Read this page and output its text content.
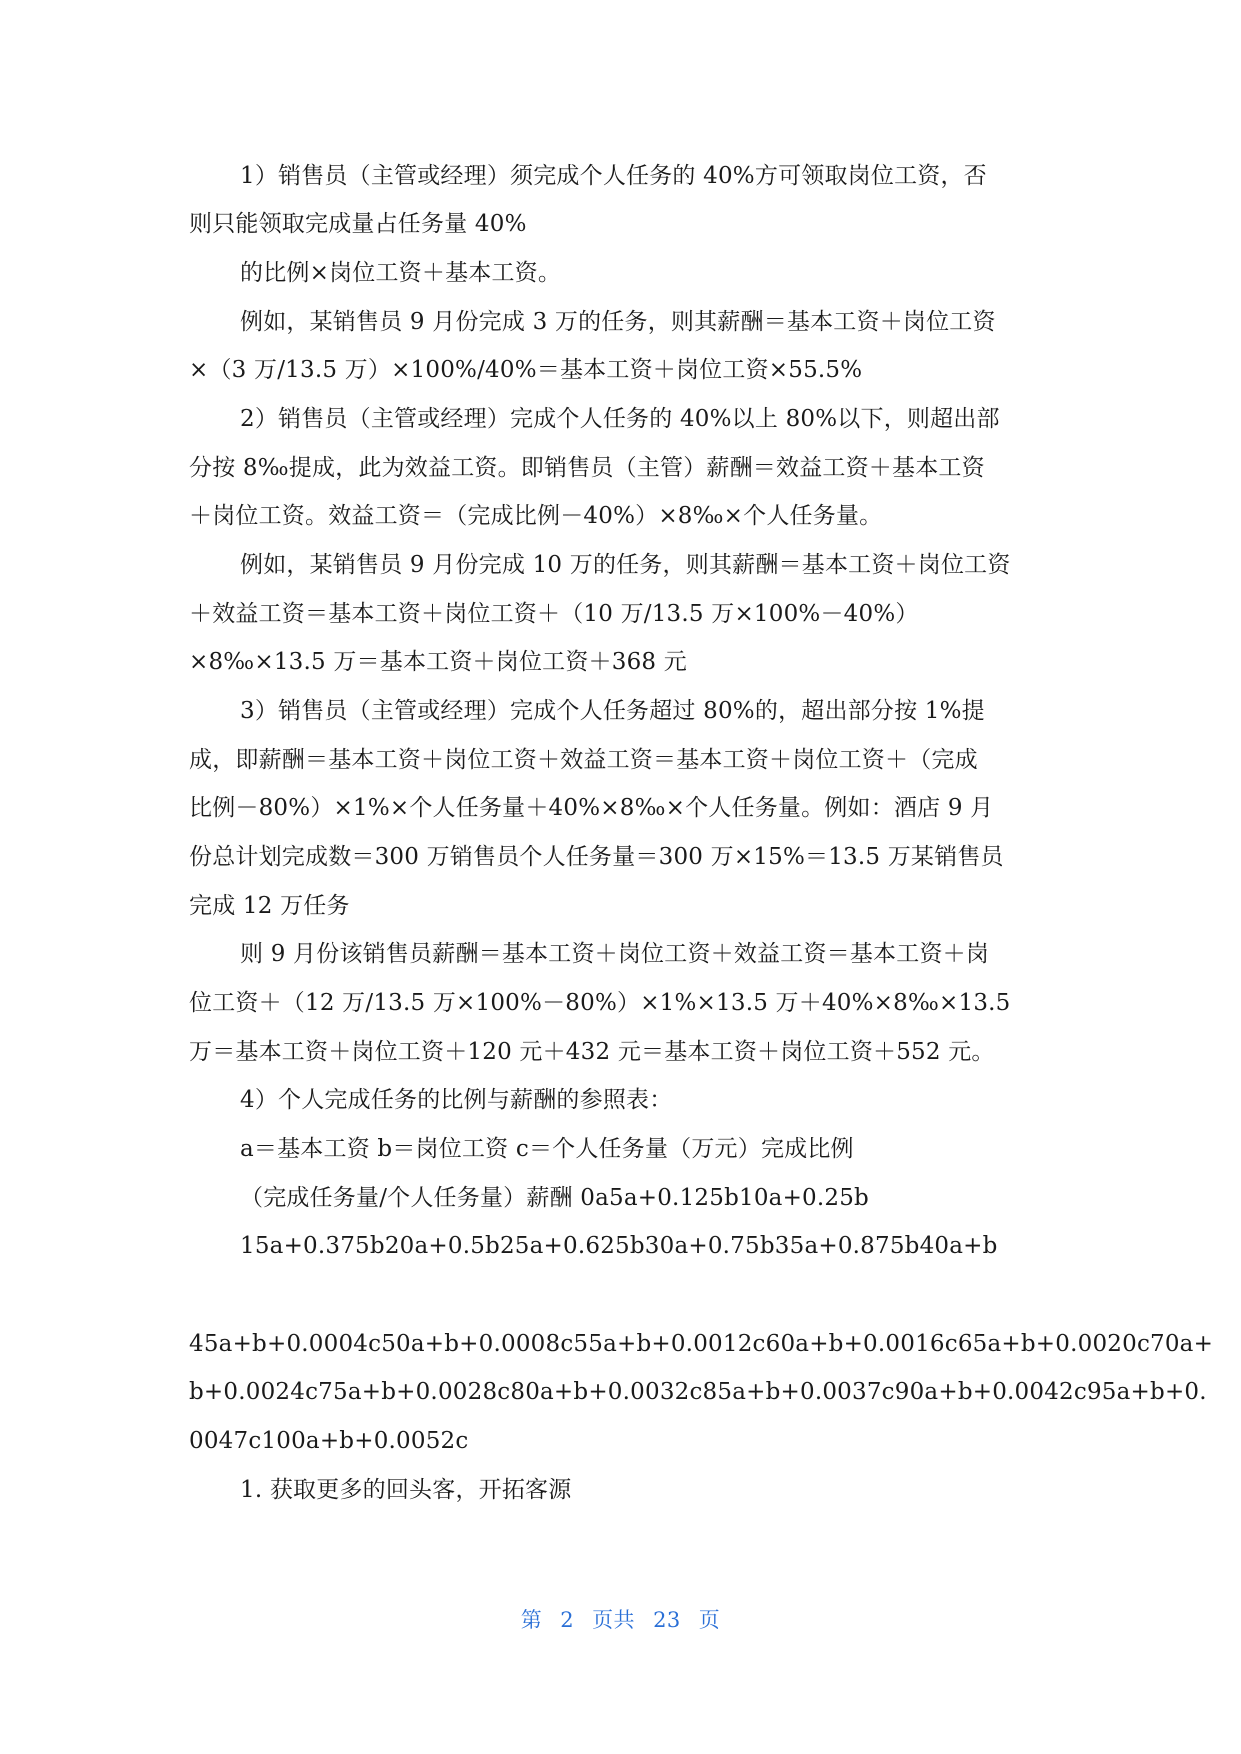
1）销售员（主管或经理）须完成个人任务的 40%方可领取岗位工资，否
则只能领取完成量占任务量 40%
的比例×岗位工资＋基本工资。
例如，某销售员 9 月份完成 3 万的任务，则其薪酬＝基本工资＋岗位工资
×（3 万/13.5 万）×100%/40%＝基本工资＋岗位工资×55.5%
2）销售员（主管或经理）完成个人任务的 40%以上 80%以下，则超出部
分按 8‰提成，此为效益工资。即销售员（主管）薪酬＝效益工资＋基本工资
＋岗位工资。效益工资＝（完成比例－40%）×8‰×个人任务量。
例如，某销售员 9 月份完成 10 万的任务，则其薪酬＝基本工资＋岗位工资
＋效益工资＝基本工资＋岗位工资＋（10 万/13.5 万×100%－40%）
×8‰×13.5 万＝基本工资＋岗位工资＋368 元
3）销售员（主管或经理）完成个人任务超过 80%的，超出部分按 1%提
成，即薪酬＝基本工资＋岗位工资＋效益工资＝基本工资＋岗位工资＋（完成
比例－80%）×1%×个人任务量＋40%×8‰×个人任务量。例如：酒店 9 月
份总计划完成数＝300 万销售员个人任务量＝300 万×15%＝13.5 万某销售员
完成 12 万任务
则 9 月份该销售员薪酬＝基本工资＋岗位工资＋效益工资＝基本工资＋岗
位工资＋（12 万/13.5 万×100%－80%）×1%×13.5 万＋40%×8‰×13.5
万＝基本工资＋岗位工资＋120 元＋432 元＝基本工资＋岗位工资＋552 元。
4）个人完成任务的比例与薪酬的参照表：
a＝基本工资 b＝岗位工资 c＝个人任务量（万元）完成比例
（完成任务量/个人任务量）薪酬 0a5a+0.125b10a+0.25b
15a+0.375b20a+0.5b25a+0.625b30a+0.75b35a+0.875b40a+b
45a+b+0.0004c50a+b+0.0008c55a+b+0.0012c60a+b+0.0016c65a+b+0.0020c70a+
b+0.0024c75a+b+0.0028c80a+b+0.0032c85a+b+0.0037c90a+b+0.0042c95a+b+0.
0047c100a+b+0.0052c
1. 获取更多的回头客，开拓客源
第 2 页共 23 页
